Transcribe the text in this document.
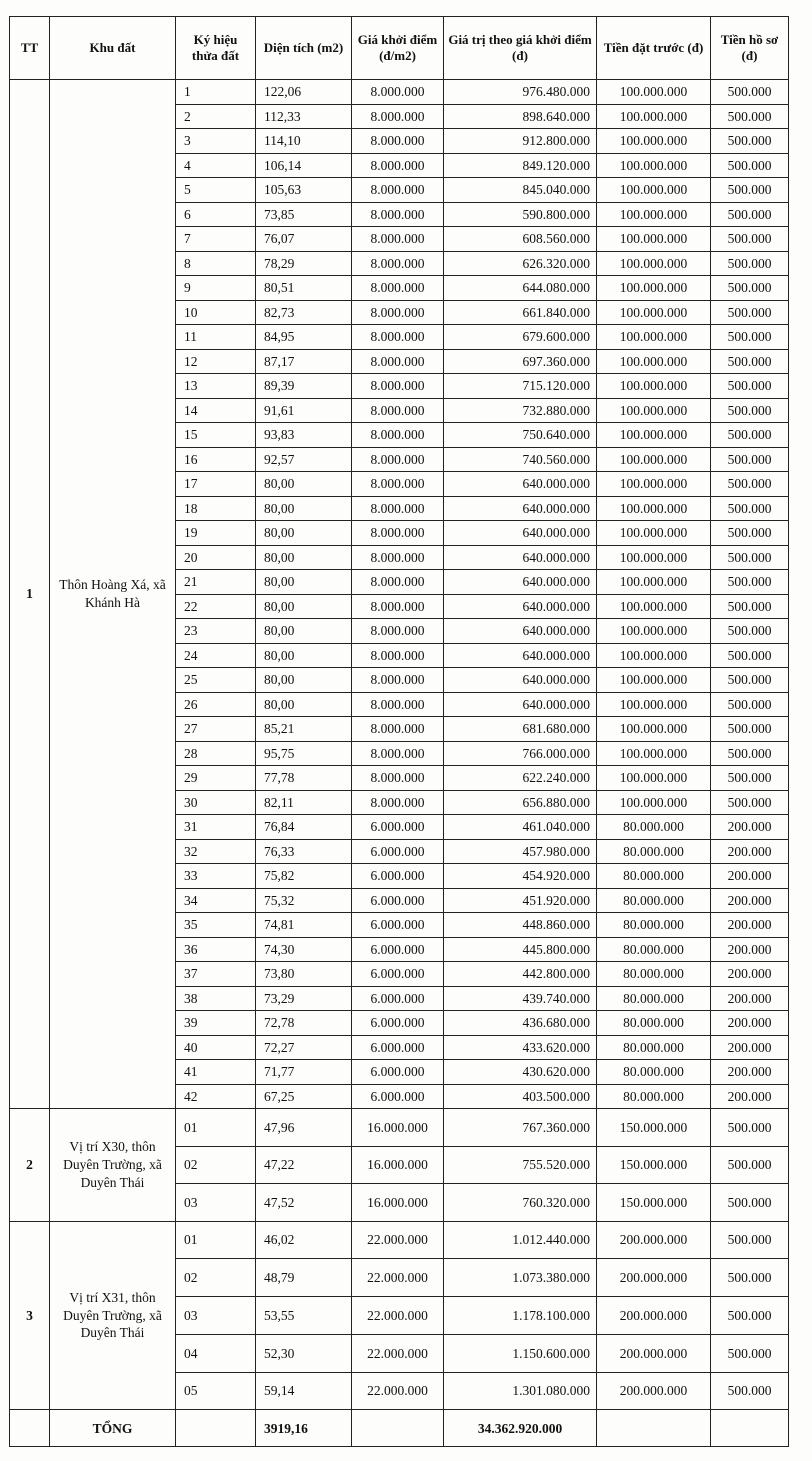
TT	Khu đất	Ký hiệu thửa đất	Diện tích (m2)	Giá khởi điểm (đ/m2)	Giá trị theo giá khởi điểm (đ)	Tiền đặt trước (đ)	Tiền hồ sơ (đ)
1	Thôn Hoàng Xá, xã Khánh Hà	1	122,06	8.000.000	976.480.000	100.000.000	500.000
		2	112,33	8.000.000	898.640.000	100.000.000	500.000
		3	114,10	8.000.000	912.800.000	100.000.000	500.000
		4	106,14	8.000.000	849.120.000	100.000.000	500.000
		5	105,63	8.000.000	845.040.000	100.000.000	500.000
		6	73,85	8.000.000	590.800.000	100.000.000	500.000
		7	76,07	8.000.000	608.560.000	100.000.000	500.000
		8	78,29	8.000.000	626.320.000	100.000.000	500.000
		9	80,51	8.000.000	644.080.000	100.000.000	500.000
		10	82,73	8.000.000	661.840.000	100.000.000	500.000
		11	84,95	8.000.000	679.600.000	100.000.000	500.000
		12	87,17	8.000.000	697.360.000	100.000.000	500.000
		13	89,39	8.000.000	715.120.000	100.000.000	500.000
		14	91,61	8.000.000	732.880.000	100.000.000	500.000
		15	93,83	8.000.000	750.640.000	100.000.000	500.000
		16	92,57	8.000.000	740.560.000	100.000.000	500.000
		17	80,00	8.000.000	640.000.000	100.000.000	500.000
		18	80,00	8.000.000	640.000.000	100.000.000	500.000
		19	80,00	8.000.000	640.000.000	100.000.000	500.000
		20	80,00	8.000.000	640.000.000	100.000.000	500.000
		21	80,00	8.000.000	640.000.000	100.000.000	500.000
		22	80,00	8.000.000	640.000.000	100.000.000	500.000
		23	80,00	8.000.000	640.000.000	100.000.000	500.000
		24	80,00	8.000.000	640.000.000	100.000.000	500.000
		25	80,00	8.000.000	640.000.000	100.000.000	500.000
		26	80,00	8.000.000	640.000.000	100.000.000	500.000
		27	85,21	8.000.000	681.680.000	100.000.000	500.000
		28	95,75	8.000.000	766.000.000	100.000.000	500.000
		29	77,78	8.000.000	622.240.000	100.000.000	500.000
		30	82,11	8.000.000	656.880.000	100.000.000	500.000
		31	76,84	6.000.000	461.040.000	80.000.000	200.000
		32	76,33	6.000.000	457.980.000	80.000.000	200.000
		33	75,82	6.000.000	454.920.000	80.000.000	200.000
		34	75,32	6.000.000	451.920.000	80.000.000	200.000
		35	74,81	6.000.000	448.860.000	80.000.000	200.000
		36	74,30	6.000.000	445.800.000	80.000.000	200.000
		37	73,80	6.000.000	442.800.000	80.000.000	200.000
		38	73,29	6.000.000	439.740.000	80.000.000	200.000
		39	72,78	6.000.000	436.680.000	80.000.000	200.000
		40	72,27	6.000.000	433.620.000	80.000.000	200.000
		41	71,77	6.000.000	430.620.000	80.000.000	200.000
		42	67,25	6.000.000	403.500.000	80.000.000	200.000
2	Vị trí X30, thôn Duyên Trường, xã Duyên Thái	01	47,96	16.000.000	767.360.000	150.000.000	500.000
		02	47,22	16.000.000	755.520.000	150.000.000	500.000
		03	47,52	16.000.000	760.320.000	150.000.000	500.000
3	Vị trí X31, thôn Duyên Trường, xã Duyên Thái	01	46,02	22.000.000	1.012.440.000	200.000.000	500.000
		02	48,79	22.000.000	1.073.380.000	200.000.000	500.000
		03	53,55	22.000.000	1.178.100.000	200.000.000	500.000
		04	52,30	22.000.000	1.150.600.000	200.000.000	500.000
		05	59,14	22.000.000	1.301.080.000	200.000.000	500.000
	TỔNG		3919,16		34.362.920.000		
